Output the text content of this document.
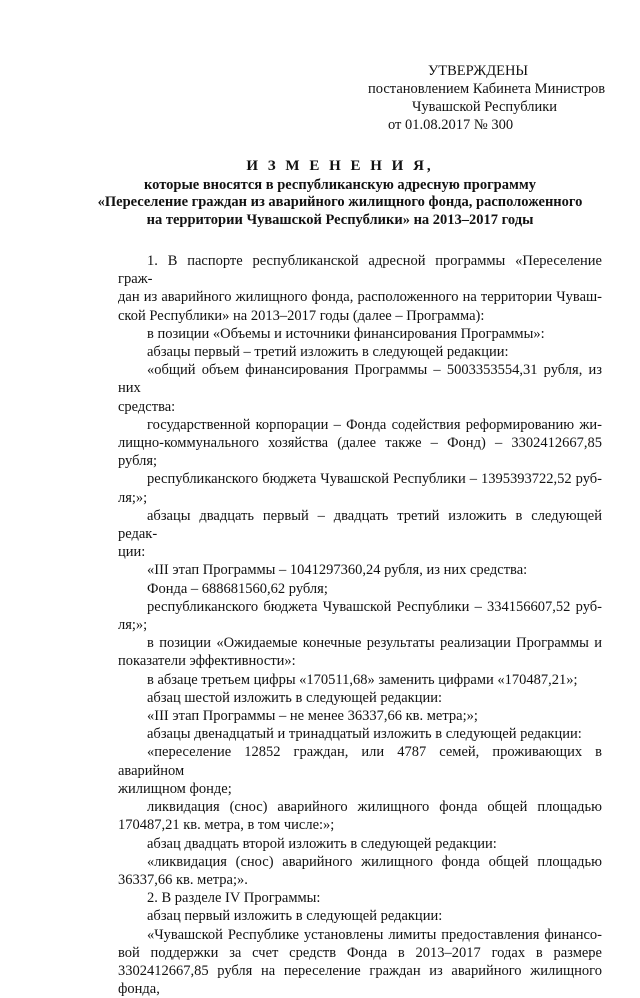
УТВЕРЖДЕНЫ
постановлением Кабинета Министров
Чувашской Республики
от 01.08.2017 № 300
И З М Е Н Е Н И Я,
которые вносятся в республиканскую адресную программу
«Переселение граждан из аварийного жилищного фонда, расположенного
на территории Чувашской Республики» на 2013–2017 годы

1. В паспорте республиканской адресной программы «Переселение граж-

дан из аварийного жилищного фонда, расположенного на территории Чуваш-

ской Республики» на 2013–2017 годы (далее – Программа):

в позиции «Объемы и источники финансирования Программы»:

абзацы первый – третий изложить в следующей редакции:

«общий объем финансирования Программы – 5003353554,31 рубля, из них

средства:

государственной корпорации – Фонда содействия реформированию жи-

лищно-коммунального хозяйства (далее также – Фонд) – 3302412667,85 рубля;

республиканского бюджета Чувашской Республики – 1395393722,52 руб-

ля;»;

абзацы двадцать первый – двадцать третий изложить в следующей редак-

ции:

«III этап Программы – 1041297360,24 рубля, из них средства:

Фонда – 688681560,62 рубля;

республиканского бюджета Чувашской Республики – 334156607,52 руб-

ля;»;

в позиции «Ожидаемые конечные результаты реализации Программы и

показатели эффективности»:

в абзаце третьем цифры «170511,68» заменить цифрами «170487,21»;

абзац шестой изложить в следующей редакции:

«III этап Программы – не менее 36337,66 кв. метра;»;

абзацы двенадцатый и тринадцатый изложить в следующей редакции:

«переселение 12852 граждан, или 4787 семей, проживающих в аварийном

жилищном фонде;

ликвидация (снос) аварийного жилищного фонда общей площадью

170487,21 кв. метра, в том числе:»;

абзац двадцать второй изложить в следующей редакции:

«ликвидация (снос) аварийного жилищного фонда общей площадью

36337,66 кв. метра;».

2. В разделе IV Программы:

абзац первый изложить в следующей редакции:

«Чувашской Республике установлены лимиты предоставления финансо-

вой поддержки за счет средств Фонда в 2013–2017 годах в размере

3302412667,85 рубля на переселение граждан из аварийного жилищного фонда,
